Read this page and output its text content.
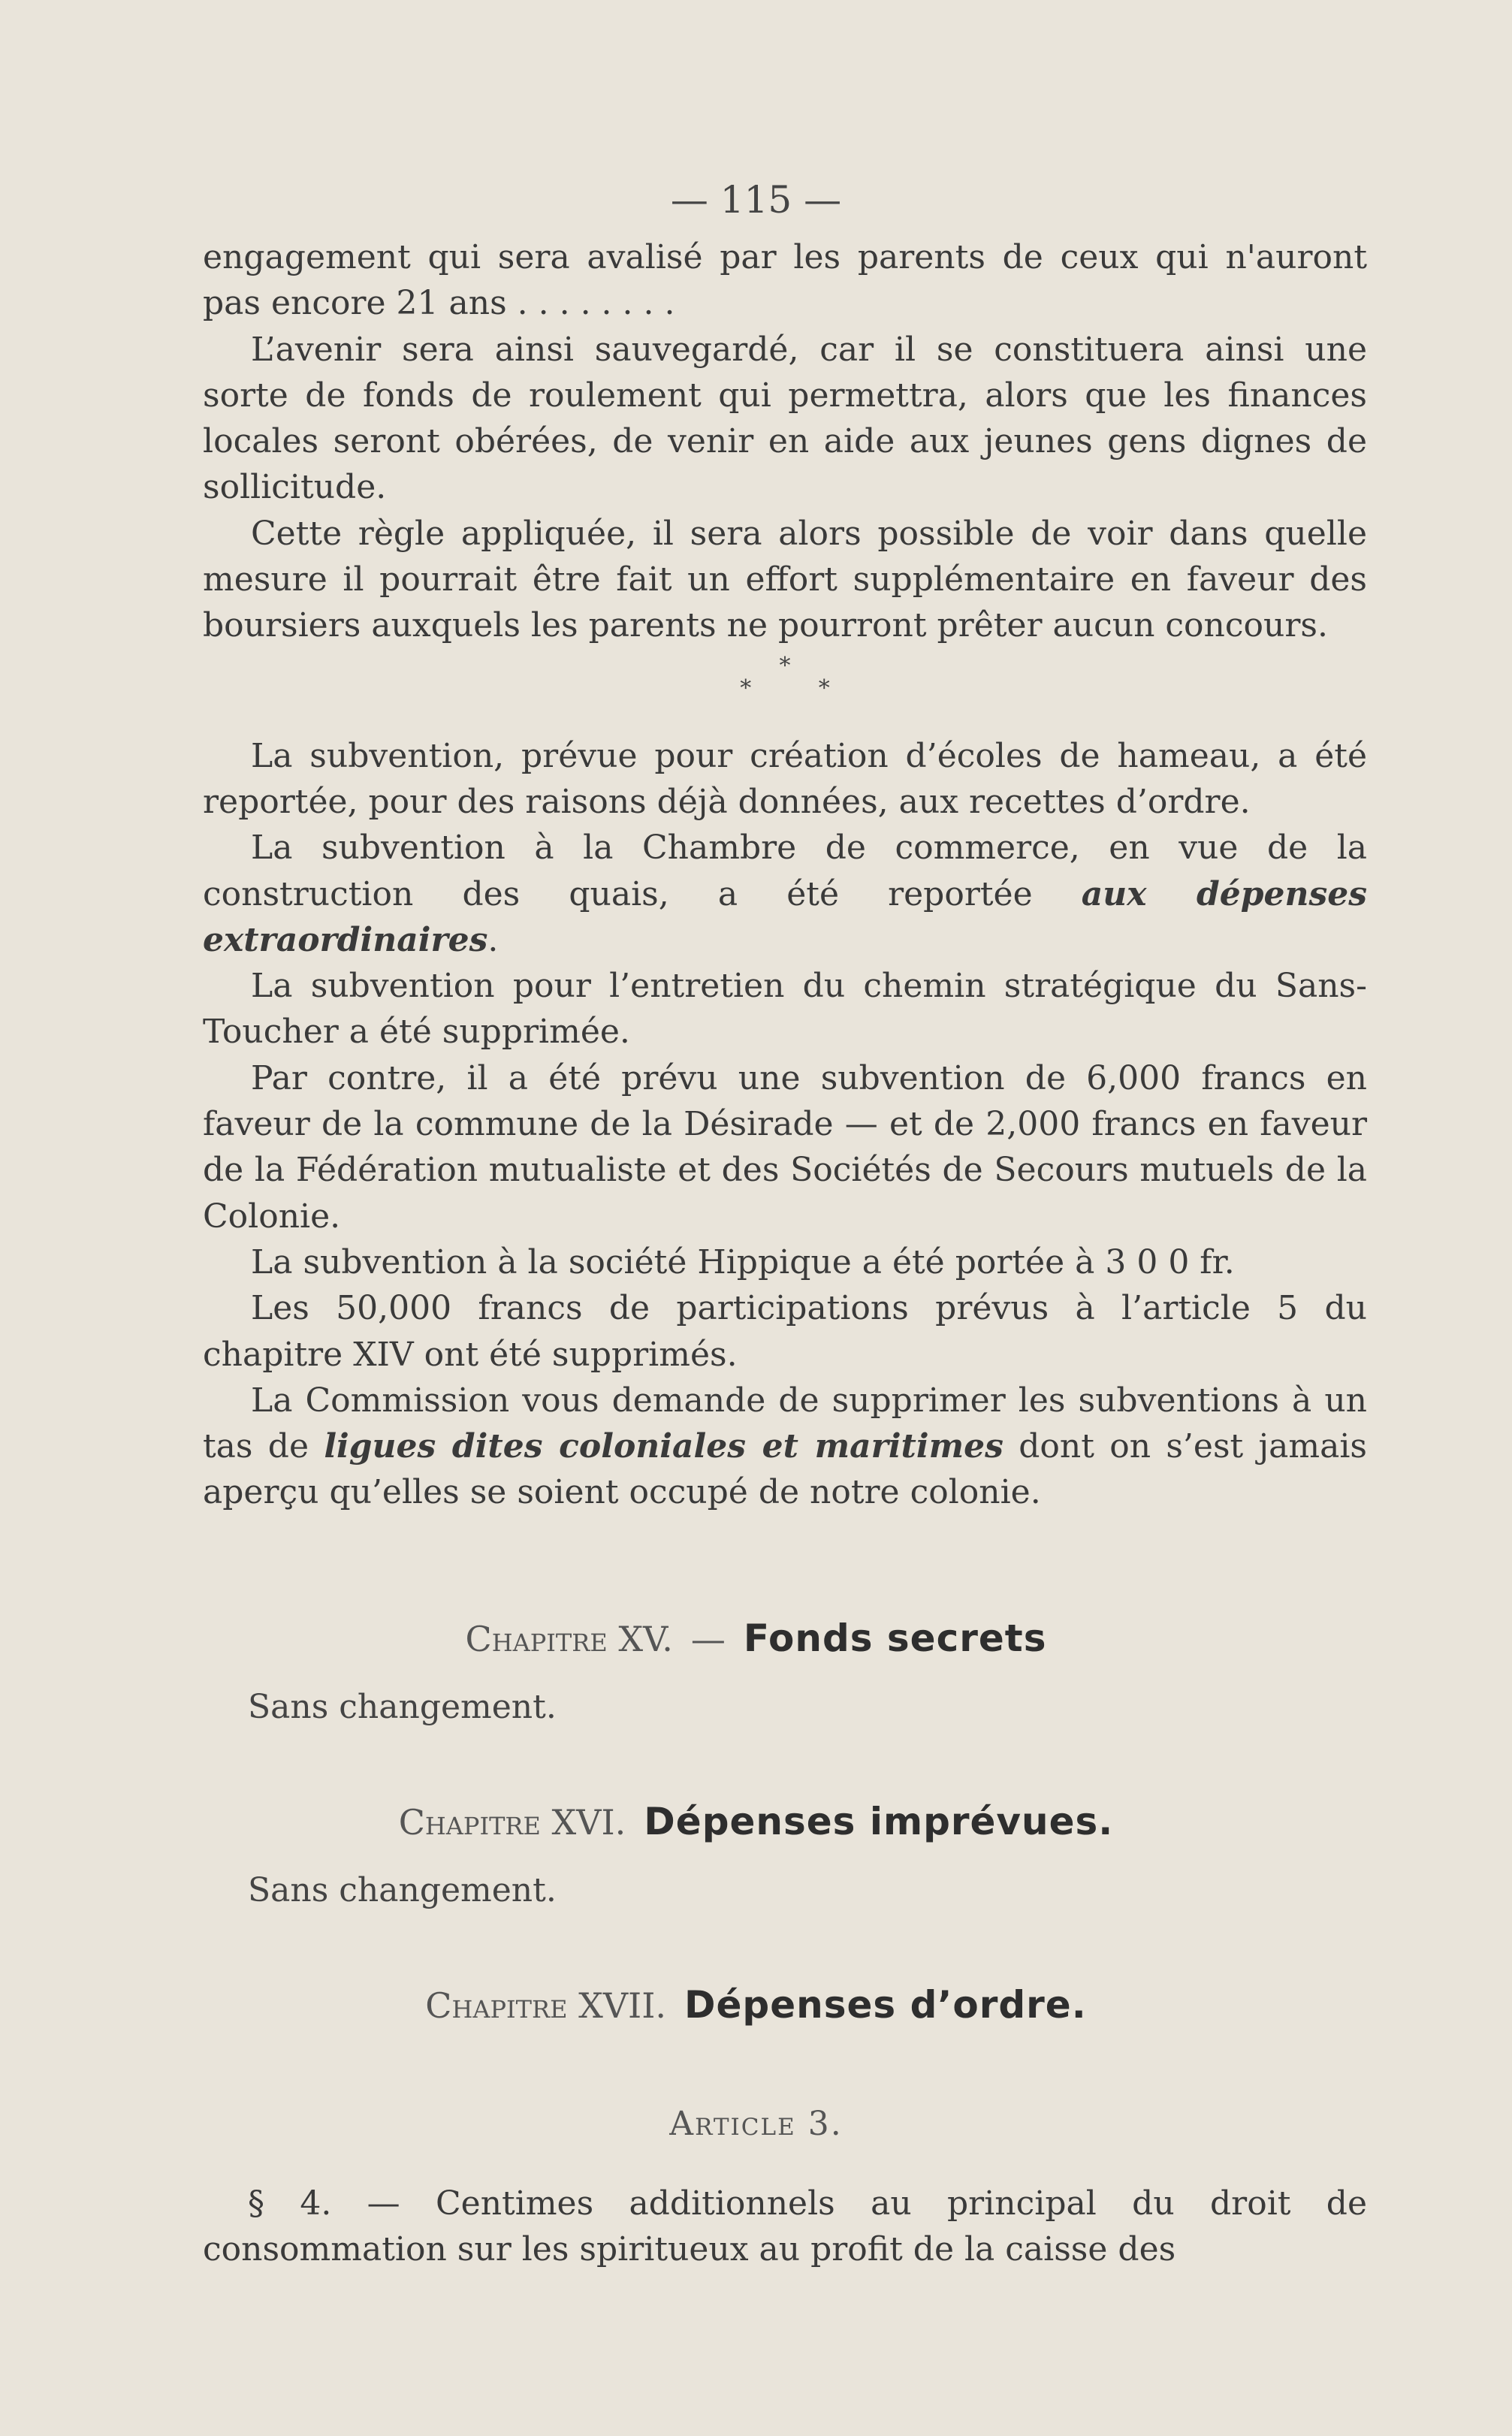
— 115 —

engagement qui sera avalisé par les parents de ceux qui n'auront pas encore 21 ans . . . . . . . .

L’avenir sera ainsi sauvegardé, car il se constituera ainsi une sorte de fonds de roulement qui permettra, alors que les finances locales seront obérées, de venir en aide aux jeunes gens dignes de sollicitude.

Cette règle appliquée, il sera alors possible de voir dans quelle mesure il pourrait être fait un effort supplémentaire en faveur des boursiers auxquels les parents ne pourront prêter aucun concours.

*
*	*

La subvention, prévue pour création d’écoles de hameau, a été reportée, pour des raisons déjà données, aux recettes d’ordre.

La subvention à la Chambre de commerce, en vue de la construction des quais, a été reportée aux dépenses extraordinaires.

La subvention pour l’entretien du chemin stratégique du Sans-Toucher a été supprimée.

Par contre, il a été prévu une subvention de 6,000 francs en faveur de la commune de la Désirade — et de 2,000 francs en faveur de la Fédération mutualiste et des Sociétés de Secours mutuels de la Colonie.

La subvention à la société Hippique a été portée à 3 0 0 fr.

Les 50,000 francs de participations prévus à l’article 5 du chapitre XIV ont été supprimés.

La Commission vous demande de supprimer les subventions à un tas de ligues dites coloniales et maritimes dont on s’est jamais aperçu qu’elles se soient occupé de notre colonie.

Chapitre XV. — Fonds secrets
Sans changement.
Chapitre XVI. Dépenses imprévues.
Sans changement.
Chapitre XVII. Dépenses d’ordre.
Article 3.

§ 4. — Centimes additionnels au principal du droit de consommation sur les spiritueux au profit de la caisse des
